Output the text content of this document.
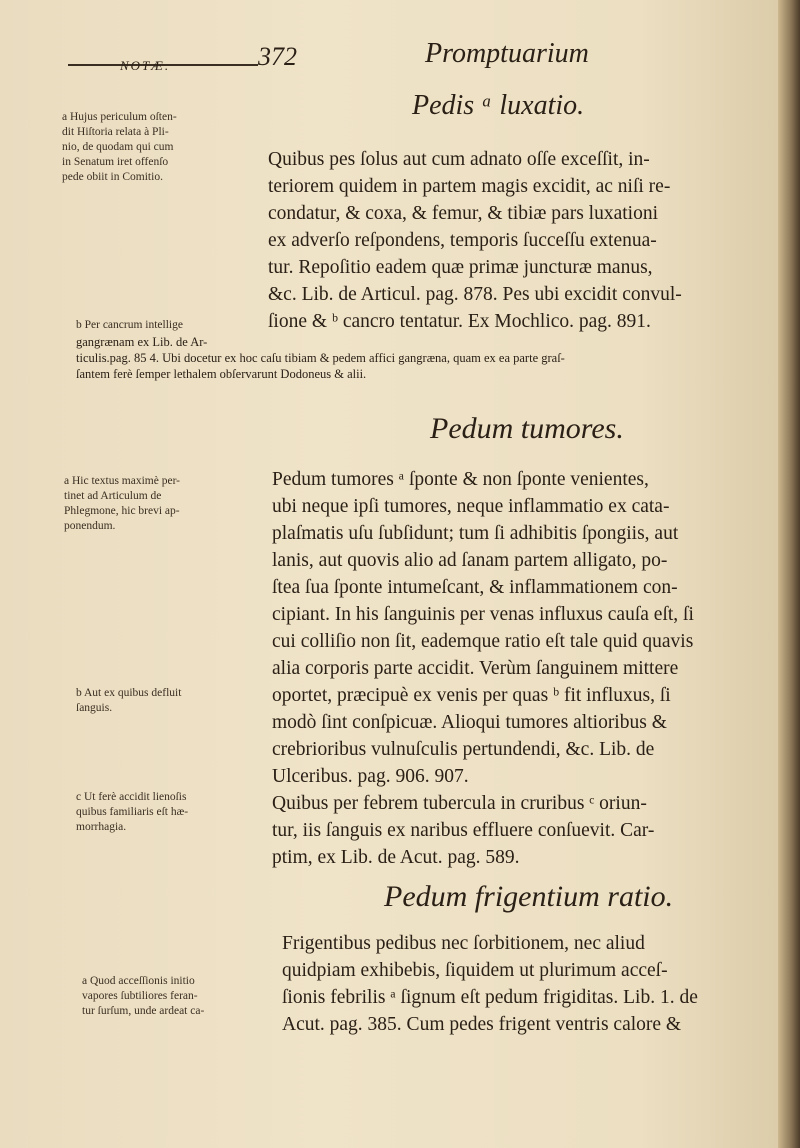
NOTÆ.	372	Promptuarium
Pedis ᵃ luxatio.
a Hujus periculum oſten-
dit Hiſtoria relata à Pli-
nio, de quodam qui cum
in Senatum iret offenſo
pede obiit in Comitio.

Quibus pes ſolus aut cum adnato oſſe exceſſit, in-

teriorem quidem in partem magis excidit, ac niſi re-

condatur, & coxa, & femur, & tibiæ pars luxationi

ex adverſo reſpondens, temporis ſucceſſu extenua-

tur. Repoſitio eadem quæ primæ juncturæ manus,

&c. Lib. de Articul. pag. 878. Pes ubi excidit convul-

ſione & ᵇ cancro tentatur. Ex Mochlico. pag. 891.

b Per cancrum intellige
gangrænam ex Lib. de Ar-
ticulis.pag. 85 4. Ubi docetur ex hoc caſu tibiam & pedem affici gangræna, quam ex ea parte graſ-
ſantem ferè ſemper lethalem obſervarunt Dodoneus & alii.
Pedum tumores.
a Hic textus maximè per-
tinet ad Articulum de
Phlegmone, hic brevi ap-
ponendum.

Pedum tumores ᵃ ſponte & non ſponte venientes,

ubi neque ipſi tumores, neque inflammatio ex cata-

plaſmatis uſu ſubſidunt; tum ſi adhibitis ſpongiis, aut

lanis, aut quovis alio ad ſanam partem alligato, po-

ſtea ſua ſponte intumeſcant, & inflammationem con-

cipiant. In his ſanguinis per venas influxus cauſa eſt, ſi

cui colliſio non ſit, eademque ratio eſt tale quid quavis

alia corporis parte accidit. Verùm ſanguinem mittere

oportet, præcipuè ex venis per quas ᵇ fit influxus, ſi

modò ſint conſpicuæ. Alioqui tumores altioribus &

crebrioribus vulnuſculis pertundendi, &c. Lib. de

Ulceribus. pag. 906. 907.

Quibus per febrem tubercula in cruribus ᶜ oriun-

tur, iis ſanguis ex naribus effluere conſuevit. Car-

ptim, ex Lib. de Acut. pag. 589.

b Aut ex quibus defluit
ſanguis.
c Ut ferè accidit lienoſis
quibus familiaris eſt hæ-
morrhagia.
Pedum frigentium ratio.

Frigentibus pedibus nec ſorbitionem, nec aliud

quidpiam exhibebis, ſiquidem ut plurimum acceſ-

ſionis febrilis ᵃ ſignum eſt pedum frigiditas. Lib. 1. de

Acut. pag. 385. Cum pedes frigent ventris calore &

a Quod acceſſionis initio
vapores ſubtiliores feran-
tur ſurſum, unde ardeat ca-
